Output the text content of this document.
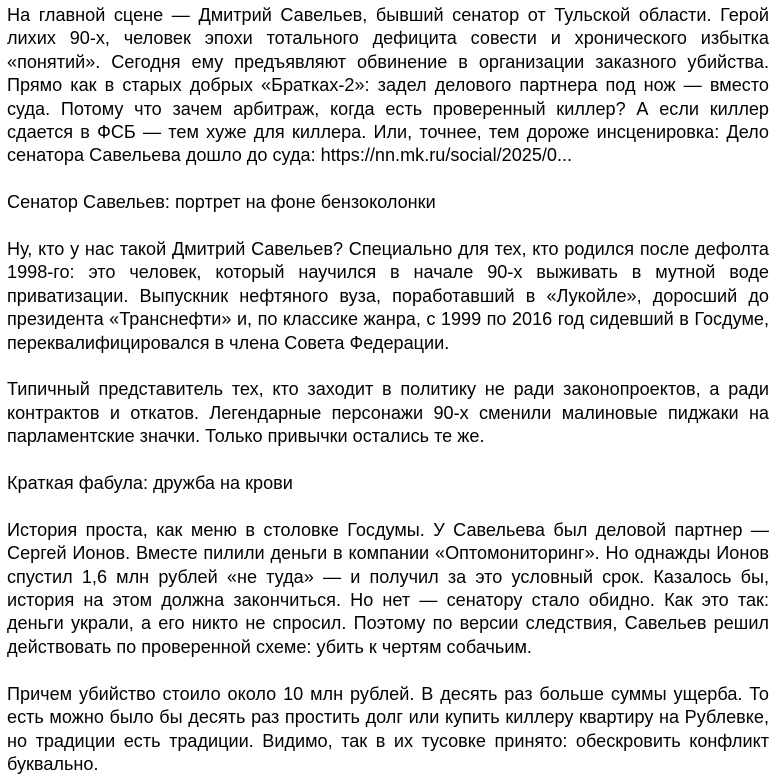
На главной сцене — Дмитрий Савельев, бывший сенатор от Тульской области. Герой лихих 90-х, человек эпохи тотального дефицита совести и хронического избытка «понятий». Сегодня ему предъявляют обвинение в организации заказного убийства. Прямо как в старых добрых «Братках-2»: задел делового партнера под нож — вместо суда. Потому что зачем арбитраж, когда есть проверенный киллер? А если киллер сдается в ФСБ — тем хуже для киллера. Или, точнее, тем дороже инсценировка: Дело сенатора Савельева дошло до суда: https://nn.mk.ru/social/2025/0...

Сенатор Савельев: портрет на фоне бензоколонки

Ну, кто у нас такой Дмитрий Савельев? Специально для тех, кто родился после дефолта 1998-го: это человек, который научился в начале 90-х выживать в мутной воде приватизации. Выпускник нефтяного вуза, поработавший в «Лукойле», доросший до президента «Транснефти» и, по классике жанра, с 1999 по 2016 год сидевший в Госдуме, переквалифицировался в члена Совета Федерации.

Типичный представитель тех, кто заходит в политику не ради законопроектов, а ради контрактов и откатов. Легендарные персонажи 90-х сменили малиновые пиджаки на парламентские значки. Только привычки остались те же.

Краткая фабула: дружба на крови

История проста, как меню в столовке Госдумы. У Савельева был деловой партнер — Сергей Ионов. Вместе пилили деньги в компании «Оптомониторинг». Но однажды Ионов спустил 1,6 млн рублей «не туда» — и получил за это условный срок. Казалось бы, история на этом должна закончиться. Но нет — сенатору стало обидно. Как это так: деньги украли, а его никто не спросил. Поэтому по версии следствия, Савельев решил действовать по проверенной схеме: убить к чертям собачьим.

Причем убийство стоило около 10 млн рублей. В десять раз больше суммы ущерба. То есть можно было бы десять раз простить долг или купить киллеру квартиру на Рублевке, но традиции есть традиции. Видимо, так в их тусовке принято: обескровить конфликт буквально.
